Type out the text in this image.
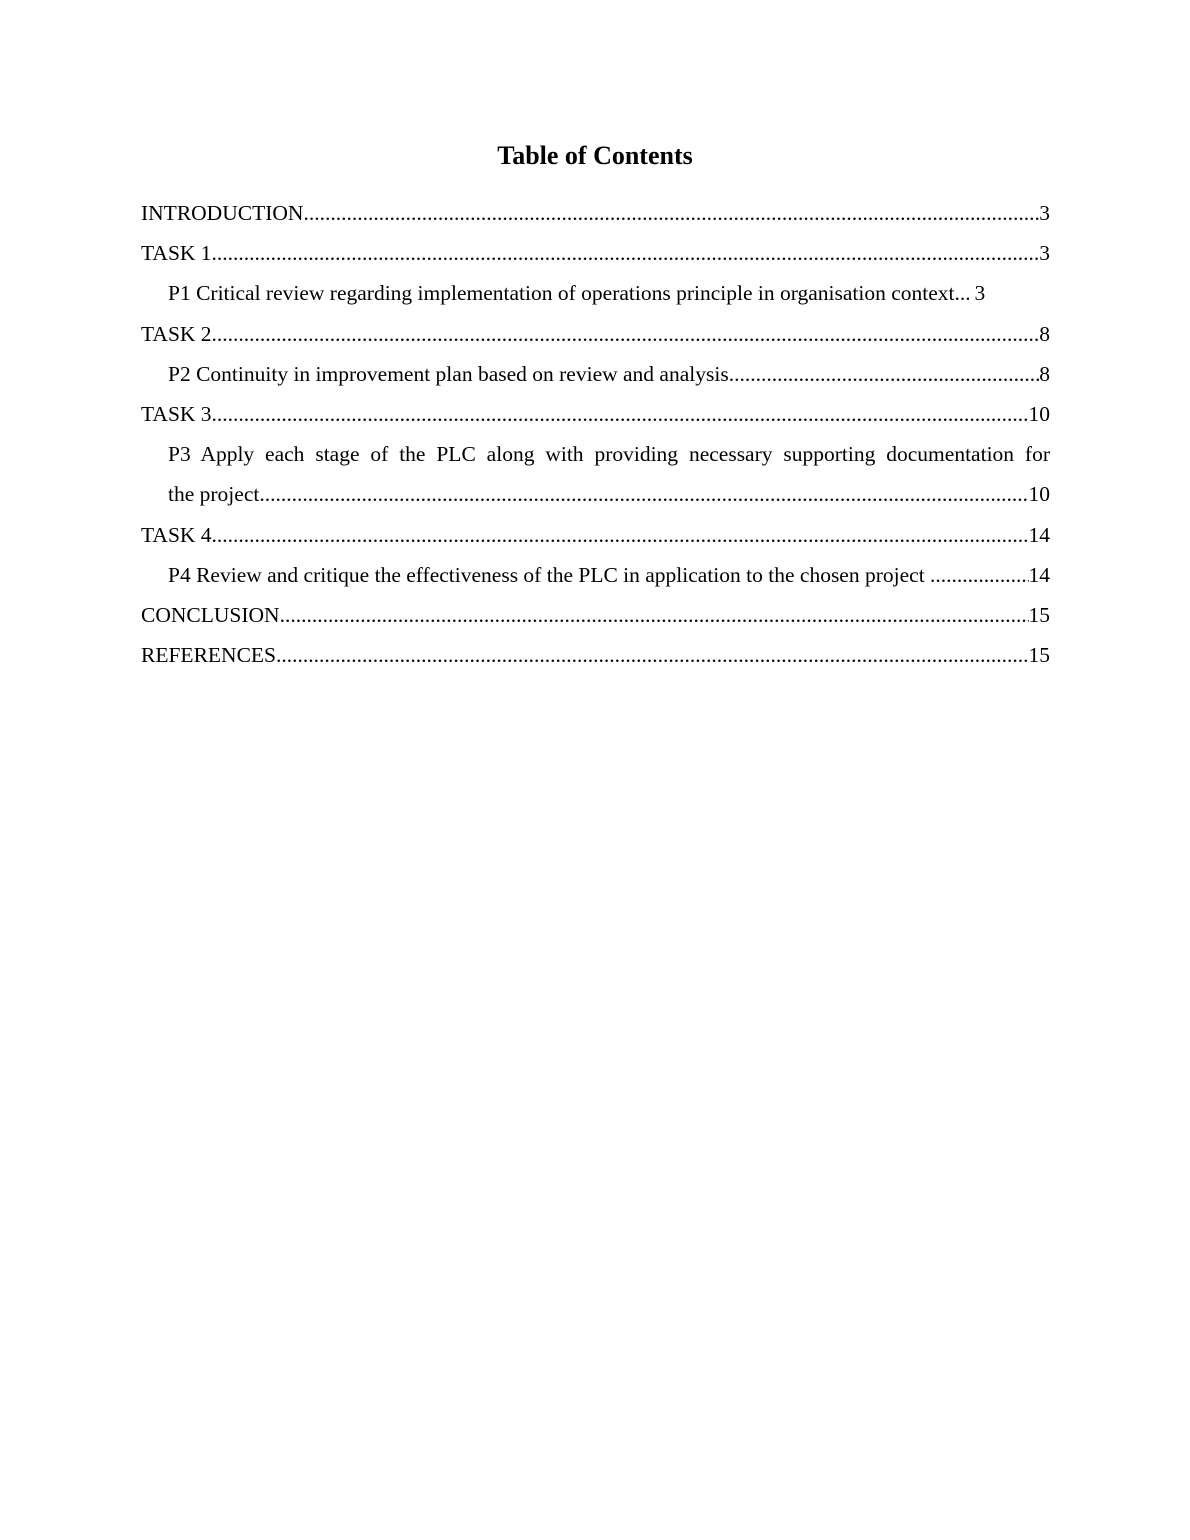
Table of Contents
INTRODUCTION .....	3
TASK 1 .....	3
P1 Critical review regarding implementation of operations principle in organisation context ..... 3
TASK 2 .....	8
P2 Continuity in improvement plan based on review and analysis .....	8
TASK 3 .....	10
P3 Apply each stage of the PLC along with providing necessary supporting documentation for
the project .....	10
TASK 4 .....	14
P4 Review and critique the effectiveness of the PLC in application to the chosen project .....	14
CONCLUSION .....	15
REFERENCES .....	15
